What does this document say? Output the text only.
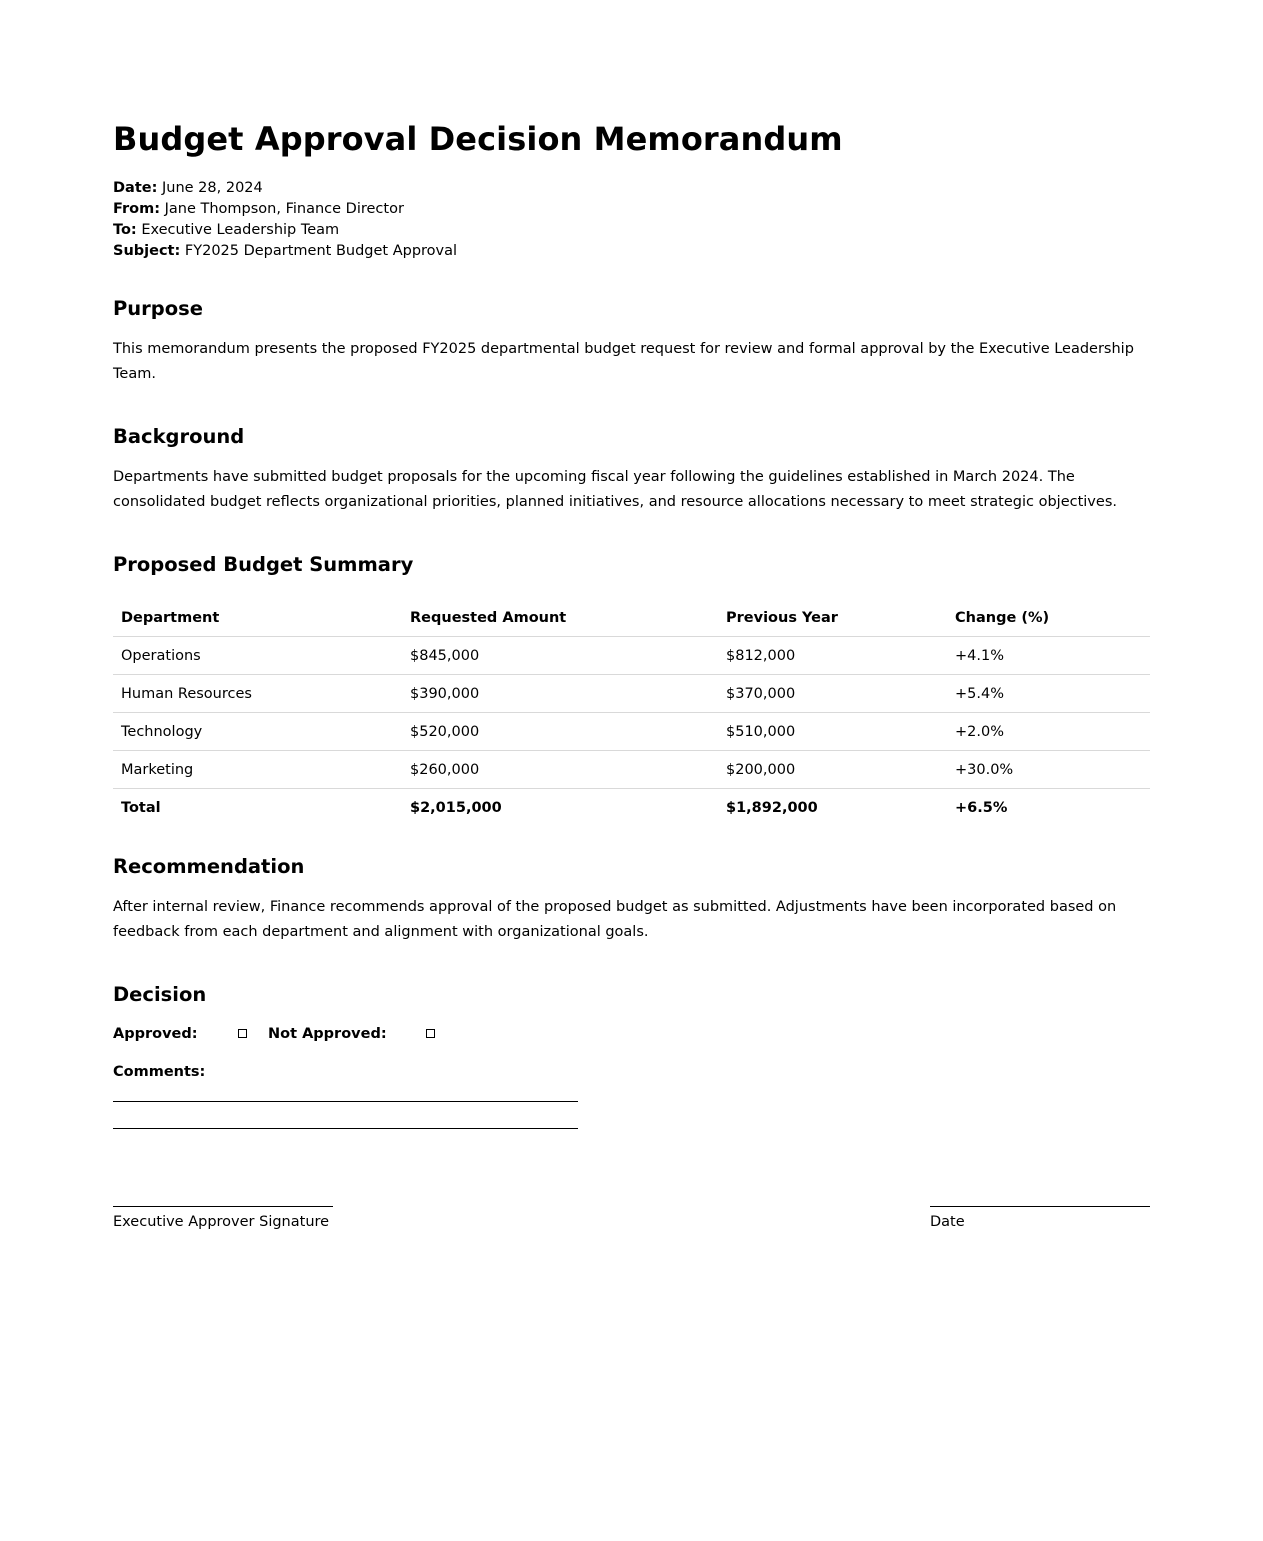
Budget Approval Decision Memorandum
Date: June 28, 2024
From: Jane Thompson, Finance Director
To: Executive Leadership Team
Subject: FY2025 Department Budget Approval
Purpose

This memorandum presents the proposed FY2025 departmental budget request for review and formal approval by the Executive Leadership Team.

Background

Departments have submitted budget proposals for the upcoming fiscal year following the guidelines established in March 2024. The consolidated budget reflects organizational priorities, planned initiatives, and resource allocations necessary to meet strategic objectives.

Proposed Budget Summary
Department	Requested Amount	Previous Year	Change (%)
Operations	$845,000	$812,000	+4.1%
Human Resources	$390,000	$370,000	+5.4%
Technology	$520,000	$510,000	+2.0%
Marketing	$260,000	$200,000	+30.0%
Total	$2,015,000	$1,892,000	+6.5%
Recommendation

After internal review, Finance recommends approval of the proposed budget as submitted. Adjustments have been incorporated based on feedback from each department and alignment with organizational goals.

Decision
Approved:	Not Approved:
Comments:
Executive Approver Signature	Date
